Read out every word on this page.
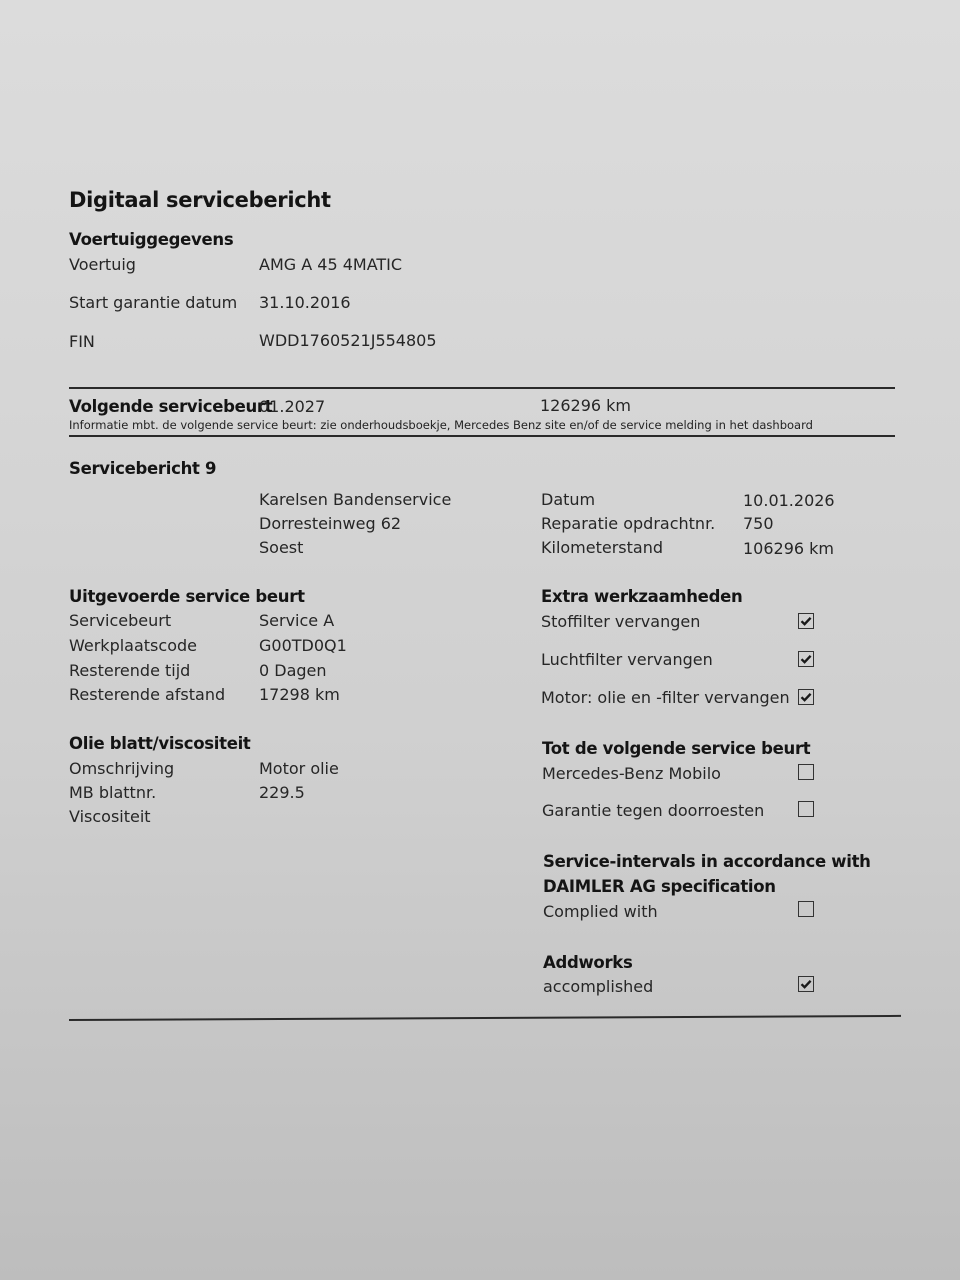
Digitaal servicebericht
Voertuiggegevens
Voertuig	AMG A 45 4MATIC
Start garantie datum 31.10.2016
FIN	WDD1760521J554805
Volgende servicebeurt
01.2027	126296 km
Informatie mbt. de volgende service beurt: zie onderhoudsboekje, Mercedes Benz site en/of de service melding in het dashboard
Servicebericht 9
Karelsen Bandenservice
Dorresteinweg 62
Soest
Datum	10.01.2026
Reparatie opdrachtnr. 750
Kilometerstand	106296 km
Uitgevoerde service beurt
Servicebeurt	Service A
Werkplaatscode	G00TD0Q1
Resterende tijd	0 Dagen
Resterende afstand 17298 km
Olie blatt/viscositeit
Omschrijving	Motor olie
MB blattnr.	229.5
Viscositeit
Extra werkzaamheden
Stoffilter vervangen
Luchtfilter vervangen
Motor: olie en -filter vervangen
Tot de volgende service beurt
Mercedes-Benz Mobilo
Garantie tegen doorroesten
Service-intervals in accordance with
DAIMLER AG specification
Complied with
Addworks
accomplished
